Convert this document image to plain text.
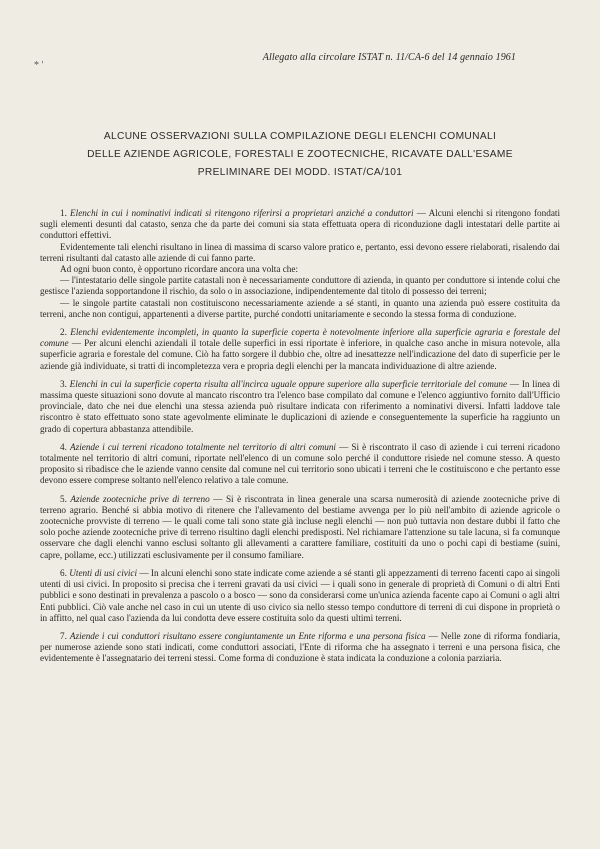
* '
Allegato alla circolare ISTAT n. 11/CA-6 del 14 gennaio 1961
ALCUNE OSSERVAZIONI SULLA COMPILAZIONE DEGLI ELENCHI COMUNALI
DELLE AZIENDE AGRICOLE, FORESTALI E ZOOTECNICHE, RICAVATE DALL'ESAME
PRELIMINARE DEI MODD. ISTAT/CA/101

1. Elenchi in cui i nominativi indicati si ritengono riferirsi a proprietari anziché a conduttori — Alcuni elenchi si ritengono fondati sugli elementi desunti dal catasto, senza che da parte dei comuni sia stata effettuata opera di riconduzione dagli intestatari delle partite ai conduttori effettivi.

Evidentemente tali elenchi risultano in linea di massima di scarso valore pratico e, pertanto, essi devono essere rielaborati, risalendo dai terreni risultanti dal catasto alle aziende di cui fanno parte.

Ad ogni buon conto, è opportuno ricordare ancora una volta che:

— l'intestatario delle singole partite catastali non è necessariamente conduttore di azienda, in quanto per conduttore si intende colui che gestisce l'azienda sopportandone il rischio, da solo o in associazione, indipendentemente dal titolo di possesso dei terreni;

— le singole partite catastali non costituiscono necessariamente aziende a sé stanti, in quanto una azienda può essere costituita da terreni, anche non contigui, appartenenti a diverse partite, purché condotti unitariamente e secondo la stessa forma di conduzione.

2. Elenchi evidentemente incompleti, in quanto la superficie coperta è notevolmente inferiore alla superficie agraria e forestale del comune — Per alcuni elenchi aziendali il totale delle superfici in essi riportate è inferiore, in qualche caso anche in misura notevole, alla superficie agraria e forestale del comune. Ciò ha fatto sorgere il dubbio che, oltre ad inesattezze nell'indicazione del dato di superficie per le aziende già individuate, si tratti di incompletezza vera e propria degli elenchi per la mancata individuazione di altre aziende.

3. Elenchi in cui la superficie coperta risulta all'incirca uguale oppure superiore alla superficie territoriale del comune — In linea di massima queste situazioni sono dovute al mancato riscontro tra l'elenco base compilato dal comune e l'elenco aggiuntivo fornito dall'Ufficio provinciale, dato che nei due elenchi una stessa azienda può risultare indicata con riferimento a nominativi diversi. Infatti laddove tale riscontro è stato effettuato sono state agevolmente eliminate le duplicazioni di aziende e conseguentemente la superficie ha raggiunto un grado di copertura abbastanza attendibile.

4. Aziende i cui terreni ricadono totalmente nel territorio di altri comuni — Si è riscontrato il caso di aziende i cui terreni ricadono totalmente nel territorio di altri comuni, riportate nell'elenco di un comune solo perché il conduttore risiede nel comune stesso. A questo proposito si ribadisce che le aziende vanno censite dal comune nel cui territorio sono ubicati i terreni che le costituiscono e che pertanto esse devono essere comprese soltanto nell'elenco relativo a tale comune.

5. Aziende zootecniche prive di terreno — Si è riscontrata in linea generale una scarsa numerosità di aziende zootecniche prive di terreno agrario. Benché si abbia motivo di ritenere che l'allevamento del bestiame avvenga per lo più nell'ambito di aziende agricole o zootecniche provviste di terreno — le quali come tali sono state già incluse negli elenchi — non può tuttavia non destare dubbi il fatto che solo poche aziende zootecniche prive di terreno risultino dagli elenchi predisposti. Nel richiamare l'attenzione su tale lacuna, si fa comunque osservare che dagli elenchi vanno esclusi soltanto gli allevamenti a carattere familiare, costituiti da uno o pochi capi di bestiame (suini, capre, pollame, ecc.) utilizzati esclusivamente per il consumo familiare.

6. Utenti di usi civici — In alcuni elenchi sono state indicate come aziende a sé stanti gli appezzamenti di terreno facenti capo ai singoli utenti di usi civici. In proposito si precisa che i terreni gravati da usi civici — i quali sono in generale di proprietà di Comuni o di altri Enti pubblici e sono destinati in prevalenza a pascolo o a bosco — sono da considerarsi come un'unica azienda facente capo ai Comuni o agli altri Enti pubblici. Ciò vale anche nel caso in cui un utente di uso civico sia nello stesso tempo conduttore di terreni di cui dispone in proprietà o in affitto, nel qual caso l'azienda da lui condotta deve essere costituita solo da questi ultimi terreni.

7. Aziende i cui conduttori risultano essere congiuntamente un Ente riforma e una persona fisica — Nelle zone di riforma fondiaria, per numerose aziende sono stati indicati, come conduttori associati, l'Ente di riforma che ha assegnato i terreni e una persona fisica, che evidentemente è l'assegnatario dei terreni stessi. Come forma di conduzione è stata indicata la conduzione a colonia parziaria.
